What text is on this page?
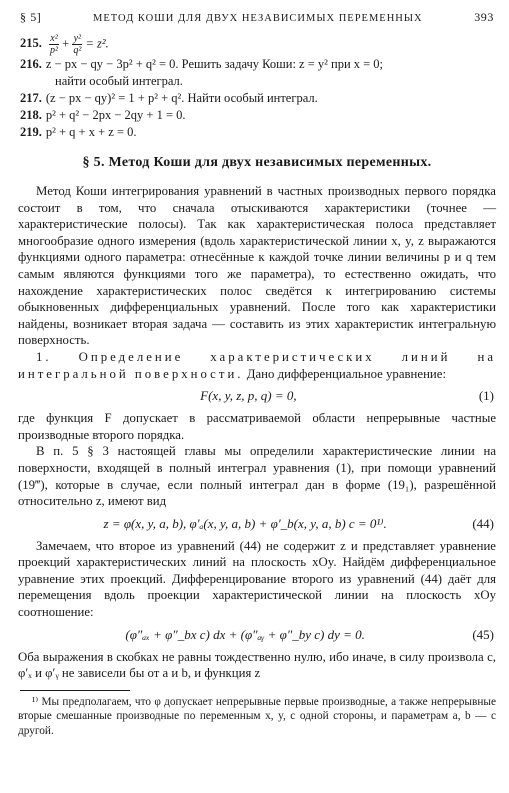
§ 5]	МЕТОД КОШИ ДЛЯ ДВУХ НЕЗАВИСИМЫХ ПЕРЕМЕННЫХ	393
215. $\frac{\text{x²}}{\text{p²}} + \frac{\text{y²}}{\text{q²}} = z^2$.
216. z − px − qy − 3p² + q² = 0. Решить задачу Коши: z = y² при x = 0;
найти особый интеграл.
217. (z − px − qy)² = 1 + p² + q². Найти особый интеграл.
218. p² + q² − 2px − 2qy + 1 = 0.
219. p² + q + x + z = 0.
§ 5. Метод Коши для двух независимых переменных.

Метод Коши интегрирования уравнений в частных производных первого порядка состоит в том, что сначала отыскиваются характеристики (точнее — характеристические полосы). Так как характеристическая полоса представляет многообразие одного измерения (вдоль характеристической линии x, y, z выражаются функциями одного параметра: отнесённые к каждой точке линии величины p и q тем самым являются функциями того же параметра), то естественно ожидать, что нахождение характеристических полос сведётся к интегрированию системы обыкновенных дифференциальных уравнений. После того как характеристики найдены, возникает вторая задача — составить из этих характеристик интегральную поверхность.

1. Определение характеристических линий на интегральной поверхности. Дано дифференциальное уравнение:

F(x, y, z, p, q) = 0,	(1)

где функция F допускает в рассматриваемой области непрерывные частные производные второго порядка.

В п. 5 § 3 настоящей главы мы определили характеристические линии на поверхности, входящей в полный интеграл уравнения (1), при помощи уравнений (19‴), которые в случае, если полный интеграл дан в форме (19₁), разрешённой относительно z, имеют вид

z = φ(x, y, a, b), φ′ₐ(x, y, a, b) + φ′_b(x, y, a, b) c = 0¹⁾.	(44)

Замечаем, что второе из уравнений (44) не содержит z и представляет уравнение проекций характеристических линий на плоскость xOy. Найдём дифференциальное уравнение этих проекций. Дифференцирование второго из уравнений (44) даёт для перемещения вдоль проекции характеристической линии на плоскость xOy соотношение:

(φ″ₐₓ + φ″_bx c) dx + (φ″ₐᵧ + φ″_by c) dy = 0.	(45)

Оба выражения в скобках не равны тождественно нулю, ибо иначе, в силу произвола c, φ′ₓ и φ′ᵧ не зависели бы от a и b, и функция z

¹⁾ Мы предполагаем, что φ допускает непрерывные первые производные, а также непрерывные вторые смешанные производные по переменным x, y, с одной стороны, и параметрам a, b — с другой.
